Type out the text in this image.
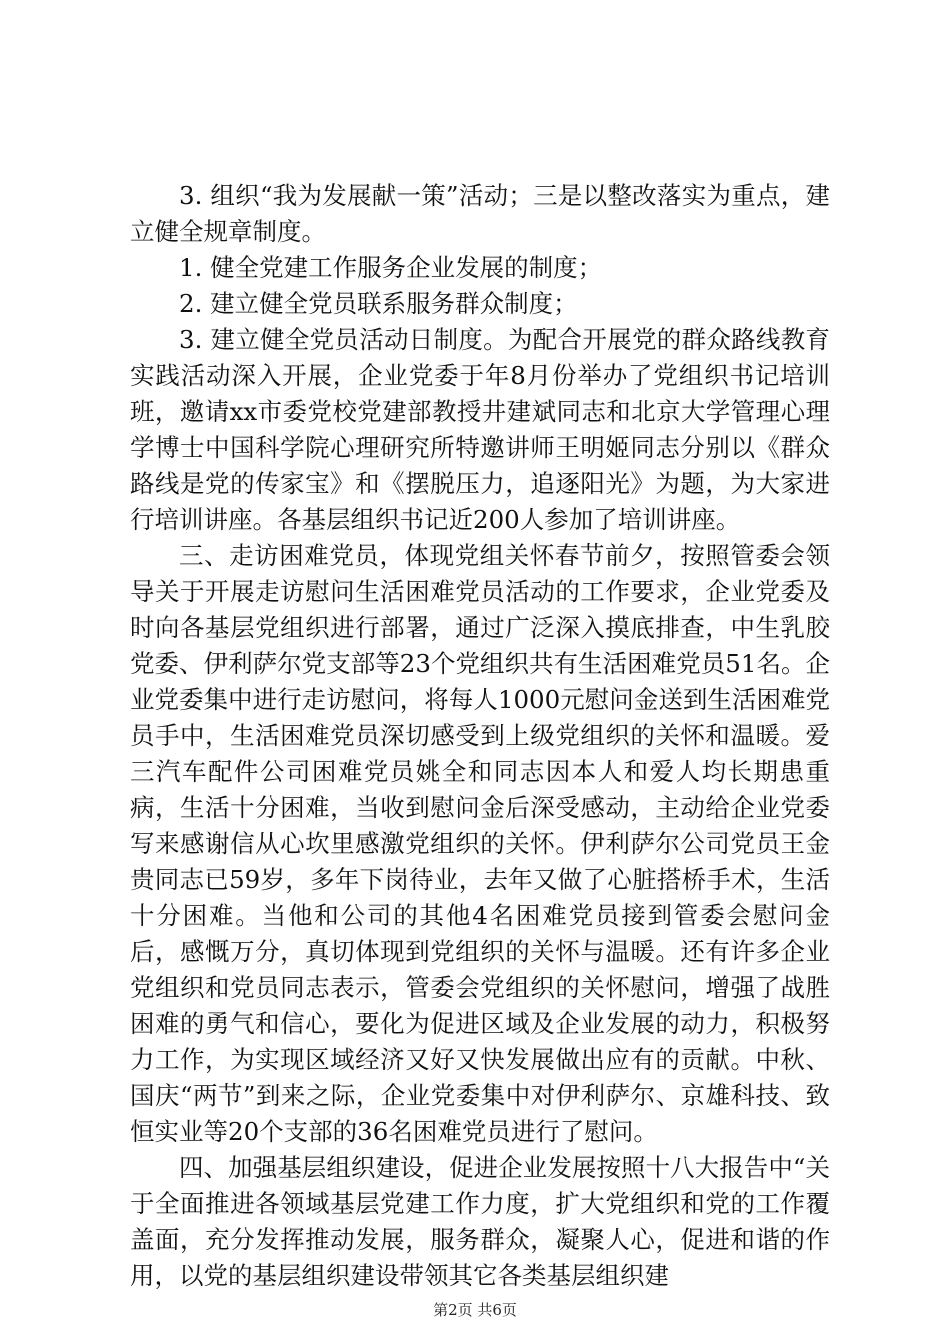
3. 组织“我为发展献一策”活动；三是以整改落实为重点，建立健全规章制度。

1. 健全党建工作服务企业发展的制度；

2. 建立健全党员联系服务群众制度；

3. 建立健全党员活动日制度。为配合开展党的群众路线教育实践活动深入开展，企业党委于年8月份举办了党组织书记培训班，邀请xx市委党校党建部教授井建斌同志和北京大学管理心理学博士中国科学院心理研究所特邀讲师王明姬同志分别以《群众路线是党的传家宝》和《摆脱压力，追逐阳光》为题，为大家进行培训讲座。各基层组织书记近200人参加了培训讲座。

三、走访困难党员，体现党组关怀春节前夕，按照管委会领导关于开展走访慰问生活困难党员活动的工作要求，企业党委及时向各基层党组织进行部署，通过广泛深入摸底排查，中生乳胶党委、伊利萨尔党支部等23个党组织共有生活困难党员51名。企业党委集中进行走访慰问，将每人1000元慰问金送到生活困难党员手中，生活困难党员深切感受到上级党组织的关怀和温暖。爱三汽车配件公司困难党员姚全和同志因本人和爱人均长期患重病，生活十分困难，当收到慰问金后深受感动，主动给企业党委写来感谢信从心坎里感激党组织的关怀。伊利萨尔公司党员王金贵同志已59岁，多年下岗待业，去年又做了心脏搭桥手术，生活十分困难。当他和公司的其他4名困难党员接到管委会慰问金后，感慨万分，真切体现到党组织的关怀与温暖。还有许多企业党组织和党员同志表示，管委会党组织的关怀慰问，增强了战胜困难的勇气和信心，要化为促进区域及企业发展的动力，积极努力工作，为实现区域经济又好又快发展做出应有的贡献。中秋、国庆“两节”到来之际，企业党委集中对伊利萨尔、京雄科技、致恒实业等20个支部的36名困难党员进行了慰问。

四、加强基层组织建设，促进企业发展按照十八大报告中“关于全面推进各领域基层党建工作力度，扩大党组织和党的工作覆盖面，充分发挥推动发展，服务群众，凝聚人心，促进和谐的作用，以党的基层组织建设带领其它各类基层组织建

第2页 共6页
